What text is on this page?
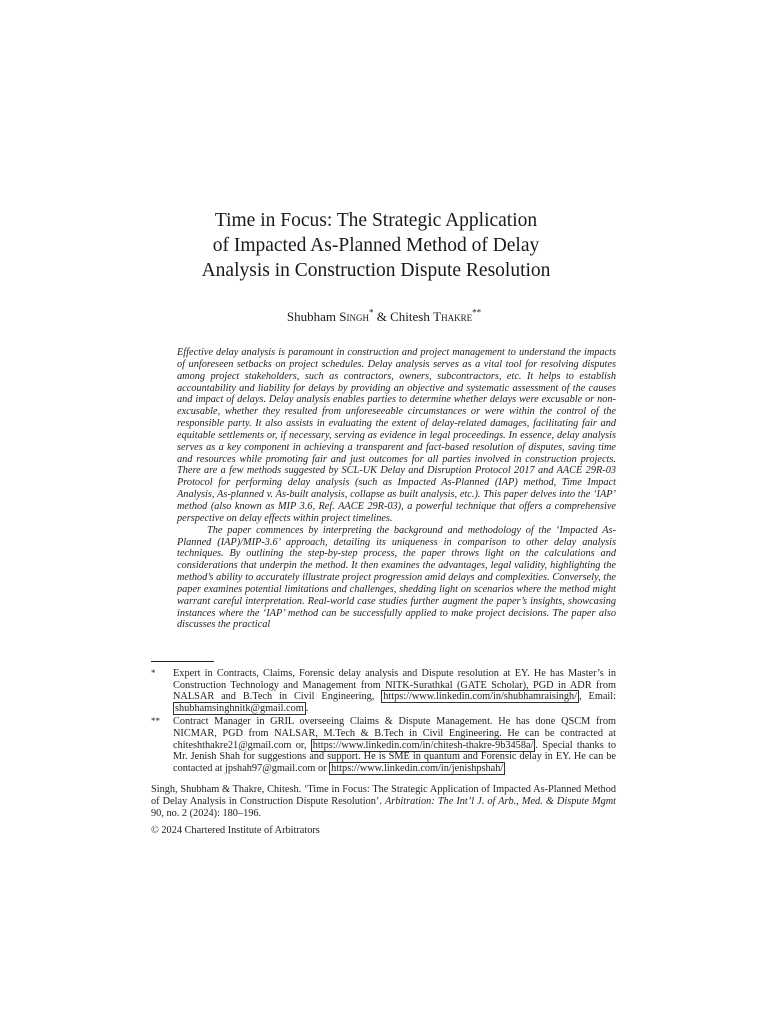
Time in Focus: The Strategic Application
of Impacted As-Planned Method of Delay
Analysis in Construction Dispute Resolution
Shubham Singh* & Chitesh Thakre**

Effective delay analysis is paramount in construction and project management to understand the impacts of unforeseen setbacks on project schedules. Delay analysis serves as a vital tool for resolving disputes among project stakeholders, such as contractors, owners, subcontractors, etc. It helps to establish accountability and liability for delays by providing an objective and systematic assessment of the causes and impact of delays. Delay analysis enables parties to determine whether delays were excusable or non-excusable, whether they resulted from unforeseeable circumstances or were within the control of the responsible party. It also assists in evaluating the extent of delay-related damages, facilitating fair and equitable settlements or, if necessary, serving as evidence in legal proceedings. In essence, delay analysis serves as a key component in achieving a transparent and fact-based resolution of disputes, saving time and resources while promoting fair and just outcomes for all parties involved in construction projects. There are a few methods suggested by SCL-UK Delay and Disruption Protocol 2017 and AACE 29R-03 Protocol for performing delay analysis (such as Impacted As-Planned (IAP) method, Time Impact Analysis, As-planned v. As-built analysis, collapse as built analysis, etc.). This paper delves into the ‘IAP’ method (also known as MIP 3.6, Ref. AACE 29R-03), a powerful technique that offers a comprehensive perspective on delay effects within project timelines.

The paper commences by interpreting the background and methodology of the ‘Impacted As-Planned (IAP)/MIP-3.6’ approach, detailing its uniqueness in comparison to other delay analysis techniques. By outlining the step-by-step process, the paper throws light on the calculations and considerations that underpin the method. It then examines the advantages, legal validity, highlighting the method’s ability to accurately illustrate project progression amid delays and complexities. Conversely, the paper examines potential limitations and challenges, shedding light on scenarios where the method might warrant careful interpretation. Real-world case studies further augment the paper’s insights, showcasing instances where the ‘IAP’ method can be successfully applied to make project decisions. The paper also discusses the practical

*	Expert in Contracts, Claims, Forensic delay analysis and Dispute resolution at EY. He has Master’s in Construction Technology and Management from NITK-Surathkal (GATE Scholar), PGD in ADR from NALSAR and B.Tech in Civil Engineering, https://www.linkedin.com/in/shubhamraisingh/ , Email: shubhamsinghnitk@gmail.com .
**	Contract Manager in GRIL overseeing Claims & Dispute Management. He has done QSCM from NICMAR, PGD from NALSAR, M.Tech & B.Tech in Civil Engineering. He can be contracted at chiteshthakre21@gmail.com or, https://www.linkedin.com/in/chitesh-thakre-9b3458a/ . Special thanks to Mr. Jenish Shah for suggestions and support. He is SME in quantum and Forensic delay in EY. He can be contacted at jpshah97@gmail.com or https://www.linkedin.com/in/jenishpshah/
Singh, Shubham & Thakre, Chitesh. ‘Time in Focus: The Strategic Application of Impacted As-Planned Method of Delay Analysis in Construction Dispute Resolution’. Arbitration: The Int’l J. of Arb., Med. & Dispute Mgmt 90, no. 2 (2024): 180–196.
© 2024 Chartered Institute of Arbitrators
